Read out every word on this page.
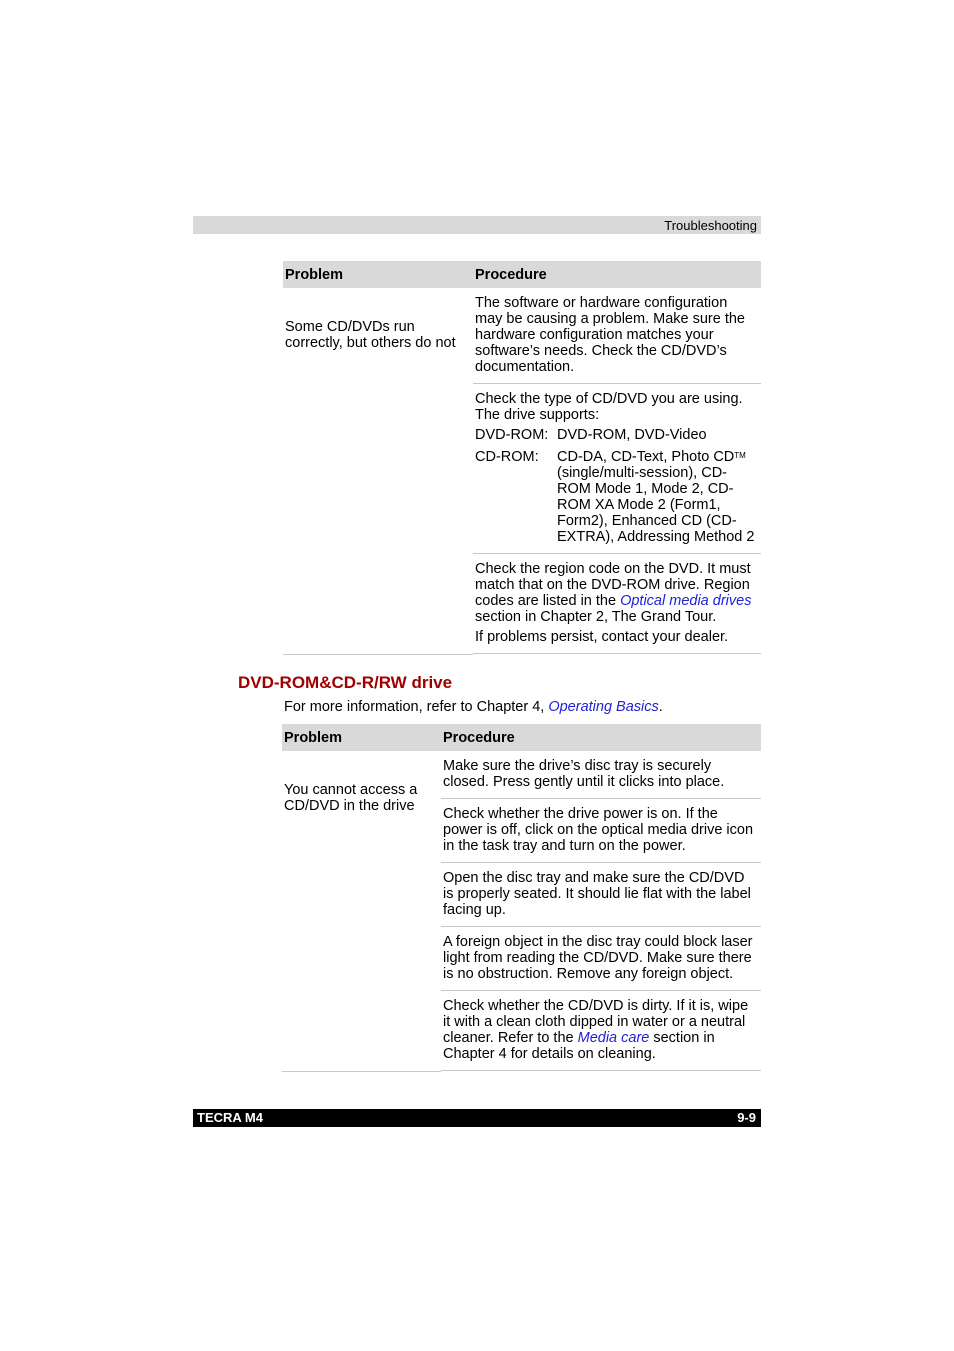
Troubleshooting
Problem	Procedure

Some CD/DVDs run correctly, but others do not	The software or hardware configuration may be causing a problem. Make sure the hardware configuration matches your software’s needs. Check the CD/DVD’s documentation.

	Check the type of CD/DVD you are using. The drive supports:

DVD-ROM: DVD-ROM, DVD-Video
CD-ROM: CD-DA, CD-Text, Photo CD™ (single/multi-session), CD-ROM Mode 1, Mode 2, CD-ROM XA Mode 2 (Form1, Form2), Enhanced CD (CD-EXTRA), Addressing Method 2

	Check the region code on the DVD. It must match that on the DVD-ROM drive. Region codes are listed in the Optical media drives section in Chapter 2, The Grand Tour.

If problems persist, contact your dealer.

DVD-ROM&CD-R/RW drive
For more information, refer to Chapter 4, Operating Basics.
Problem	Procedure

You cannot access a CD/DVD in the drive	Make sure the drive’s disc tray is securely closed. Press gently until it clicks into place.

	Check whether the drive power is on. If the power is off, click on the optical media drive icon in the task tray and turn on the power.

	Open the disc tray and make sure the CD/DVD is properly seated. It should lie flat with the label facing up.

	A foreign object in the disc tray could block laser light from reading the CD/DVD. Make sure there is no obstruction. Remove any foreign object.

	Check whether the CD/DVD is dirty. If it is, wipe it with a clean cloth dipped in water or a neutral cleaner. Refer to the Media care section in Chapter 4 for details on cleaning.

TECRA M4	9-9
